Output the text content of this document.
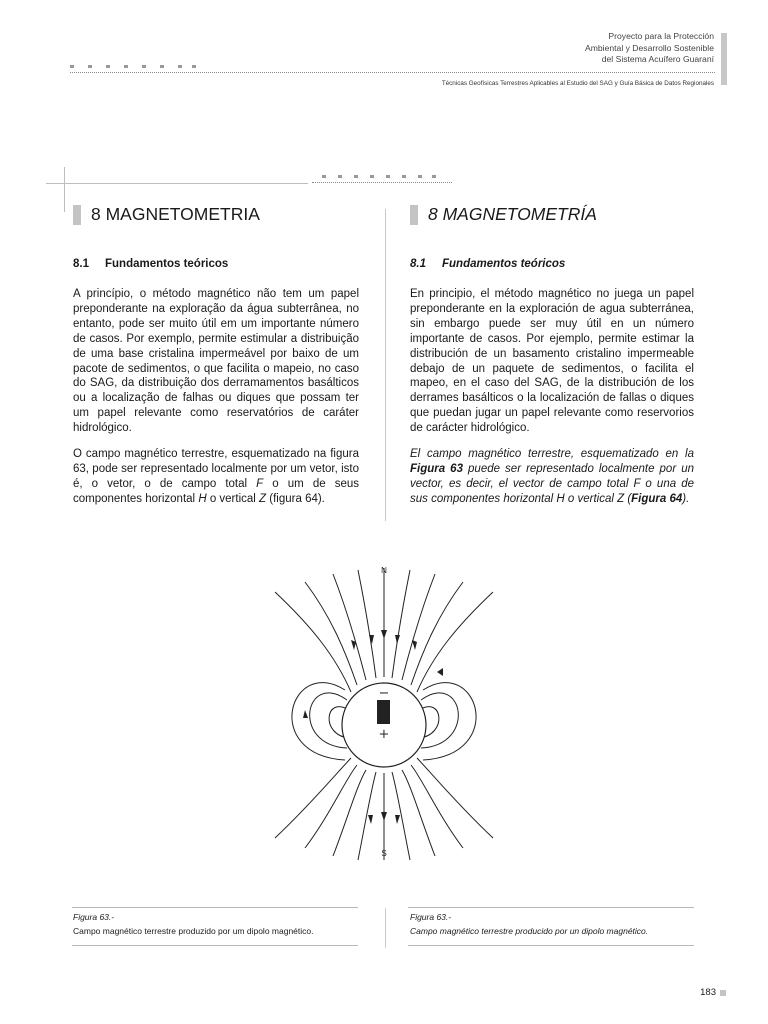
Proyecto para la Protección
Ambiental y Desarrollo Sostenible
del Sistema Acuífero Guaraní
Técnicas Geofísicas Terrestres Aplicables al Estudio del SAG y Guía Básica de Datos Regionales
8 MAGNETOMETRIA
8.1 Fundamentos teóricos

A princípio, o método magnético não tem um papel preponderante na exploração da água subterrânea, no entanto, pode ser muito útil em um importante número de casos. Por exemplo, permite estimular a distribuição de uma base cristalina impermeável por baixo de um pacote de sedimentos, o que facilita o mapeio, no caso do SAG, da distribuição dos derramamentos basálticos ou a localização de falhas ou diques que possam ter um papel relevante como reservatórios de caráter hidrológico.

O campo magnético terrestre, esquematizado na figura 63, pode ser representado localmente por um vetor, isto é, o vetor, o de campo total F o um de seus componentes horizontal H o vertical Z (figura 64).

8 MAGNETOMETRÍA
8.1 Fundamentos teóricos

En principio, el método magnético no juega un papel preponderante en la exploración de agua subterránea, sin embargo puede ser muy útil en un número importante de casos. Por ejemplo, permite estimar la distribución de un basamento cristalino impermeable debajo de un paquete de sedimentos, o facilita el mapeo, en el caso del SAG, de la distribución de los derrames basálticos o la localización de fallas o diques que puedan jugar un papel relevante como reservorios de carácter hidrológico.

El campo magnético terrestre, esquematizado en la Figura 63 puede ser representado localmente por un vector, es decir, el vector de campo total F o una de sus componentes horizontal H o vertical Z (Figura 64).

−
+
N
S
Figura 63.-
Campo magnético terrestre produzido por um dipolo magnético.
Figura 63.-
Campo magnético terrestre producido por un dipolo magnético.
183
